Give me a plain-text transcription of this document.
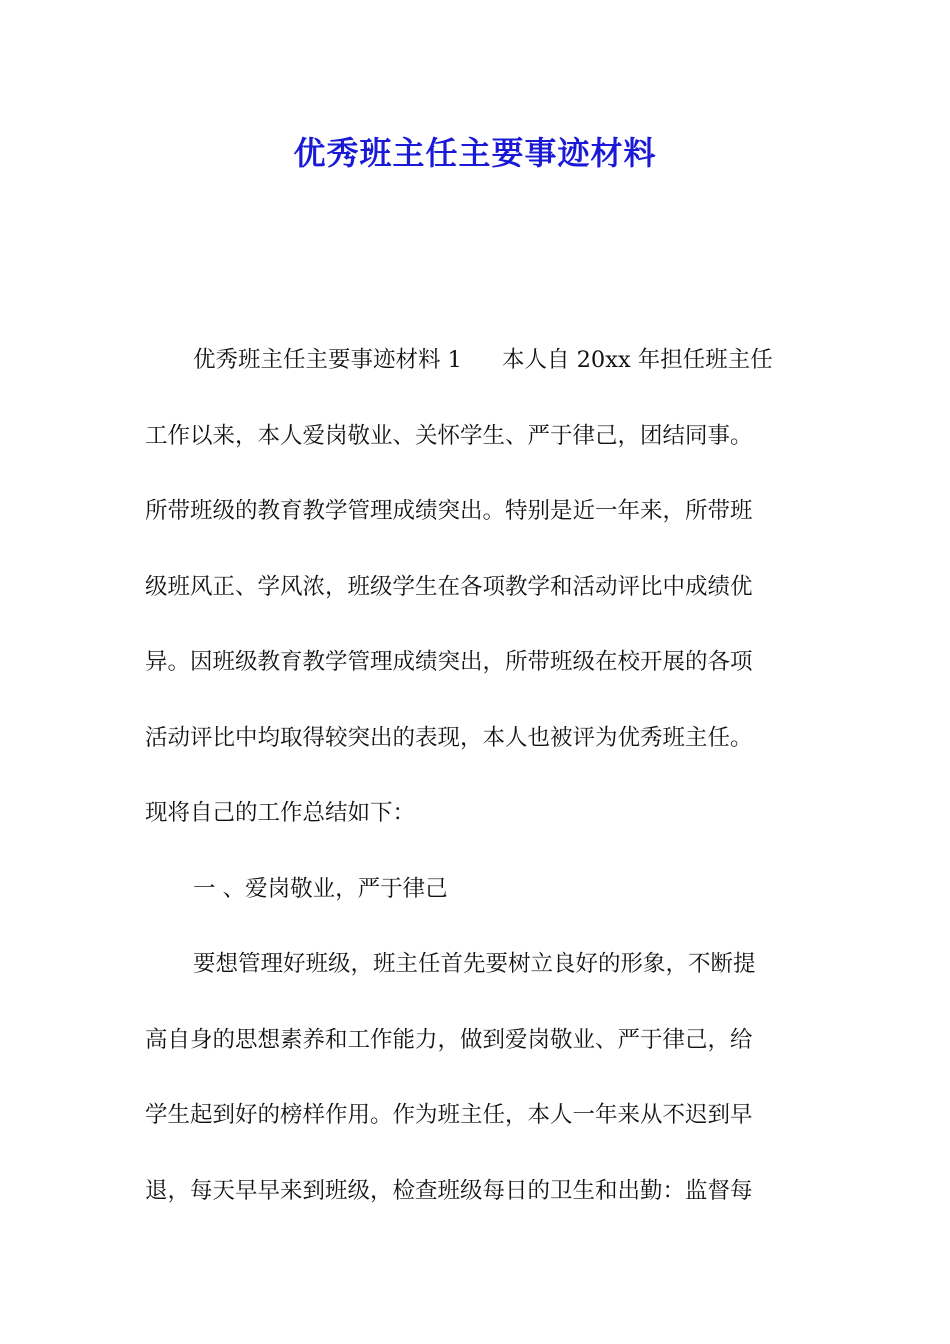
优秀班主任主要事迹材料
优秀班主任主要事迹材料 1 本人自 20xx 年担任班主任
工作以来，本人爱岗敬业、关怀学生、严于律己，团结同事。
所带班级的教育教学管理成绩突出。特别是近一年来，所带班
级班风正、学风浓，班级学生在各项教学和活动评比中成绩优
异。因班级教育教学管理成绩突出，所带班级在校开展的各项
活动评比中均取得较突出的表现，本人也被评为优秀班主任。
现将自己的工作总结如下：
一 、爱岗敬业，严于律己
要想管理好班级，班主任首先要树立良好的形象，不断提
高自身的思想素养和工作能力，做到爱岗敬业、严于律己，给
学生起到好的榜样作用。作为班主任，本人一年来从不迟到早
退，每天早早来到班级，检查班级每日的卫生和出勤：监督每
